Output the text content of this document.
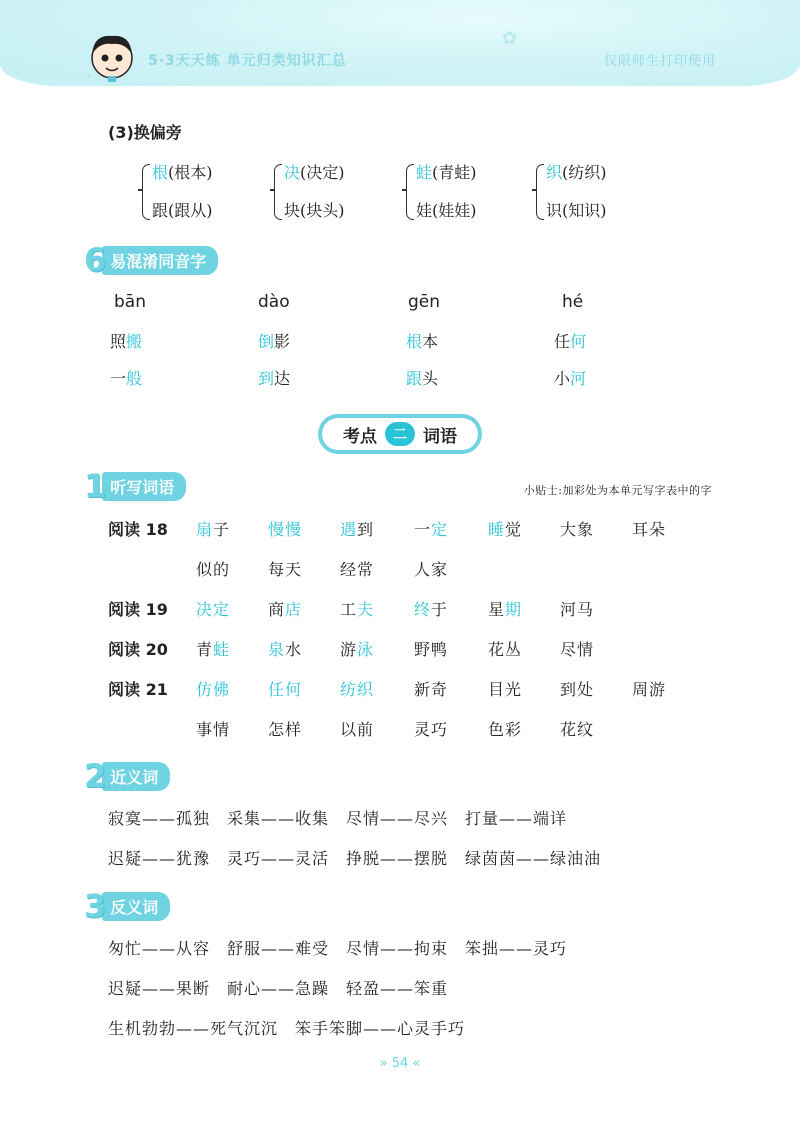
✿
✦
5·3天天练 单元归类知识汇总	仅限师生打印使用
(3)换偏旁
根(根本)
跟(跟从)
决(决定)
块(块头)
蛙(青蛙)
娃(娃娃)
织(纺织)
识(知识)
6 易混淆同音字
bān	dào	gēn	hé
照搬	倒影	根本	任何
一般	到达	跟头	小河
考点	二 词语
1 听写词语	小贴士:加彩处为本单元写字表中的字
阅读 18 扇子 慢慢 遇到 一定 睡觉 大象 耳朵
似的 每天 经常 人家
阅读 19 决定 商店 工夫 终于 星期 河马
阅读 20 青蛙 泉水 游泳 野鸭 花丛 尽情
阅读 21 仿佛 任何 纺织 新奇 目光 到处 周游
事情 怎样 以前 灵巧 色彩 花纹
2 近义词
寂寞——孤独　采集——收集　尽情——尽兴　打量——端详
迟疑——犹豫　灵巧——灵活　挣脱——摆脱　绿茵茵——绿油油
3 反义词
匆忙——从容　舒服——难受　尽情——拘束　笨拙——灵巧
迟疑——果断　耐心——急躁　轻盈——笨重
生机勃勃——死气沉沉　笨手笨脚——心灵手巧
» 54 «
